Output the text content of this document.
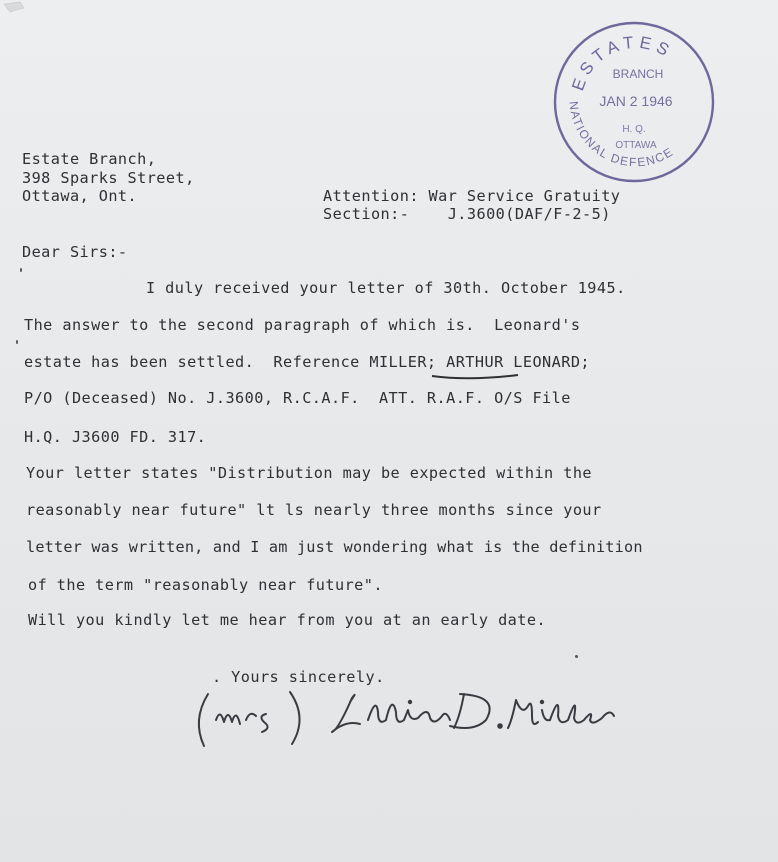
ESTATES
BRANCH
JAN 2 1946
H. Q.
OTTAWA
NATIONAL DEFENCE
Estate Branch,
398 Sparks Street,
Ottawa, Ont.	Attention: War Service Gratuity
Section:-    J.3600(DAF/F-2-5)
Dear Sirs:-
I duly received your letter of 30th. October 1945.
The answer to the second paragraph of which is.  Leonard's
estate has been settled.  Reference MILLER; ARTHUR LEONARD;
P/O (Deceased) No. J.3600, R.C.A.F.  ATT. R.A.F. O/S File
H.Q. J3600 FD. 317.
Your letter states "Distribution may be expected within the
reasonably near future" lt ls nearly three months since your
letter was written, and I am just wondering what is the definition
of the term "reasonably near future".
Will you kindly let me hear from you at an early date.
. Yours sincerely.
